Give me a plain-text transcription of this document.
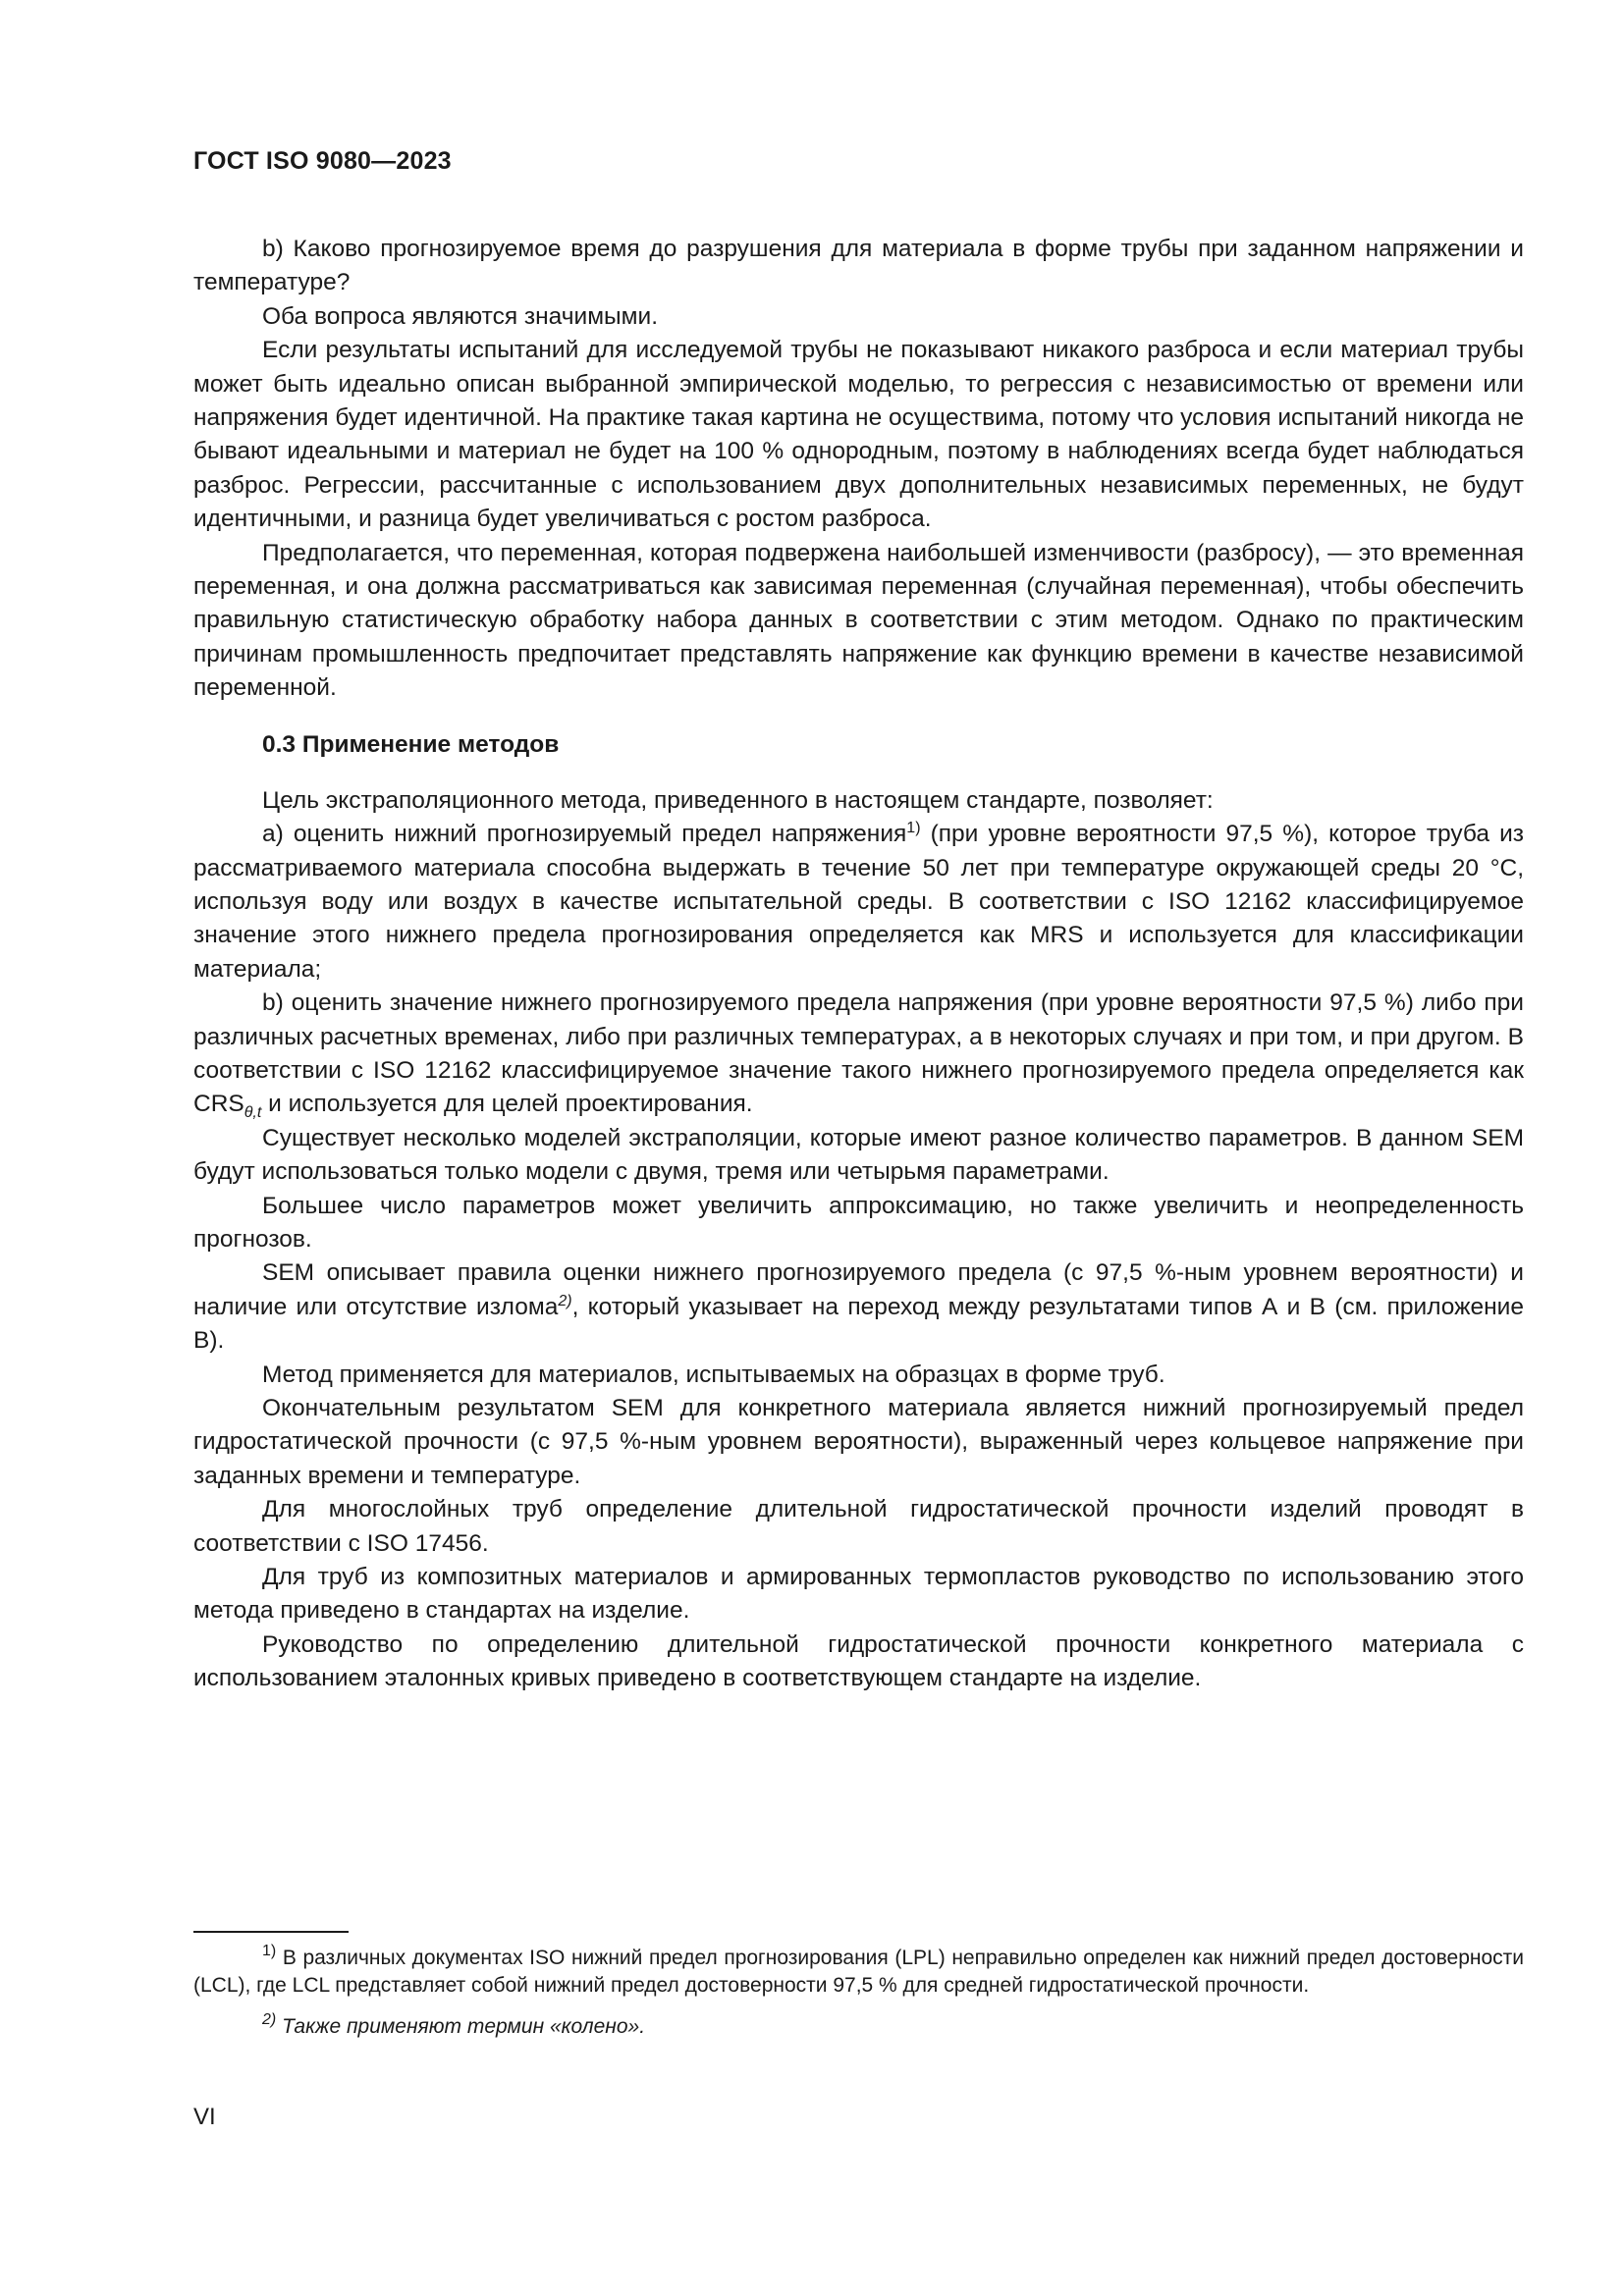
ГОСТ ISO 9080—2023

b) Каково прогнозируемое время до разрушения для материала в форме трубы при заданном напряжении и температуре?

Оба вопроса являются значимыми.

Если результаты испытаний для исследуемой трубы не показывают никакого разброса и если материал трубы может быть идеально описан выбранной эмпирической моделью, то регрессия с независимостью от времени или напряжения будет идентичной. На практике такая картина не осуществима, потому что условия испытаний никогда не бывают идеальными и материал не будет на 100 % однородным, поэтому в наблюдениях всегда будет наблюдаться разброс. Регрессии, рассчитанные с использованием двух дополнительных независимых переменных, не будут идентичными, и разница будет увеличиваться с ростом разброса.

Предполагается, что переменная, которая подвержена наибольшей изменчивости (разбросу), — это временная переменная, и она должна рассматриваться как зависимая переменная (случайная переменная), чтобы обеспечить правильную статистическую обработку набора данных в соответствии с этим методом. Однако по практическим причинам промышленность предпочитает представлять напряжение как функцию времени в качестве независимой переменной.

0.3 Применение методов

Цель экстраполяционного метода, приведенного в настоящем стандарте, позволяет:

а) оценить нижний прогнозируемый предел напряжения$^{1)}$ (при уровне вероятности 97,5 %), которое труба из рассматриваемого материала способна выдержать в течение 50 лет при температуре окружающей среды 20 °C, используя воду или воздух в качестве испытательной среды. В соответствии с ISO 12162 классифицируемое значение этого нижнего предела прогнозирования определяется как MRS и используется для классификации материала;

b) оценить значение нижнего прогнозируемого предела напряжения (при уровне вероятности 97,5 %) либо при различных расчетных временах, либо при различных температурах, а в некоторых случаях и при том, и при другом. В соответствии с ISO 12162 классифицируемое значение такого нижнего прогнозируемого предела определяется как $CRS_{\theta,t}$ и используется для целей проектирования.

Существует несколько моделей экстраполяции, которые имеют разное количество параметров. В данном SEM будут использоваться только модели с двумя, тремя или четырьмя параметрами.

Большее число параметров может увеличить аппроксимацию, но также увеличить и неопределенность прогнозов.

SEM описывает правила оценки нижнего прогнозируемого предела (с 97,5 %-ным уровнем вероятности) и наличие или отсутствие излома$^{2)}$, который указывает на переход между результатами типов А и В (см. приложение В).

Метод применяется для материалов, испытываемых на образцах в форме труб.

Окончательным результатом SEM для конкретного материала является нижний прогнозируемый предел гидростатической прочности (с 97,5 %-ным уровнем вероятности), выраженный через кольцевое напряжение при заданных времени и температуре.

Для многослойных труб определение длительной гидростатической прочности изделий проводят в соответствии с ISO 17456.

Для труб из композитных материалов и армированных термопластов руководство по использованию этого метода приведено в стандартах на изделие.

Руководство по определению длительной гидростатической прочности конкретного материала с использованием эталонных кривых приведено в соответствующем стандарте на изделие.

$^{1)}$ В различных документах ISO нижний предел прогнозирования (LPL) неправильно определен как нижний предел достоверности (LCL), где LCL представляет собой нижний предел достоверности 97,5 % для средней гидростатической прочности.

$^{2)}$ Также применяют термин «колено».

VI
